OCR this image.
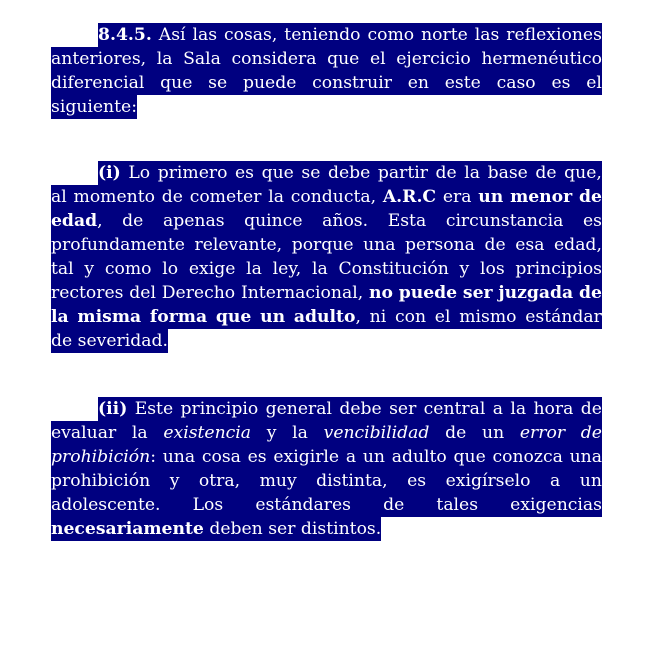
8.4.5. Así las cosas, teniendo como norte las reflexiones
anteriores, la Sala considera que el ejercicio hermenéutico
diferencial que se puede construir en este caso es el
siguiente:
(i) Lo primero es que se debe partir de la base de que,
al momento de cometer la conducta, A.R.C era un menor de
edad, de apenas quince años. Esta circunstancia es
profundamente relevante, porque una persona de esa edad,
tal y como lo exige la ley, la Constitución y los principios
rectores del Derecho Internacional, no puede ser juzgada de
la misma forma que un adulto, ni con el mismo estándar
de severidad.
(ii) Este principio general debe ser central a la hora de
evaluar la existencia y la vencibilidad de un error de
prohibición: una cosa es exigirle a un adulto que conozca una
prohibición y otra, muy distinta, es exigírselo a un
adolescente. Los estándares de tales exigencias
necesariamente deben ser distintos.
